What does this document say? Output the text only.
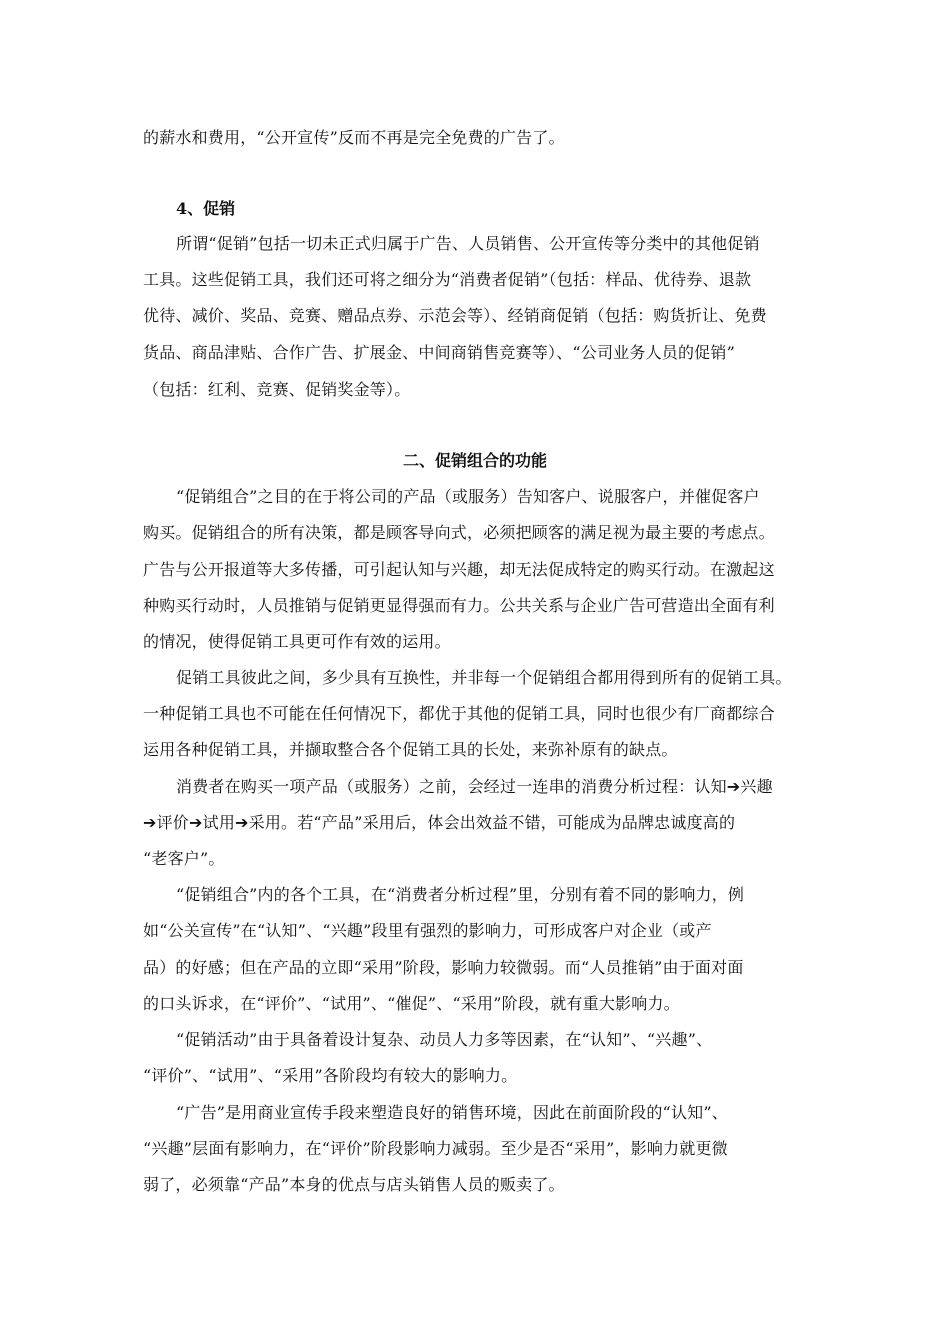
的薪水和费用，“公开宣传”反而不再是完全免费的广告了。
4、促销
所谓“促销”包括一切未正式归属于广告、人员销售、公开宣传等分类中的其他促销
工具。这些促销工具，我们还可将之细分为“消费者促销”（包括：样品、优待券、退款
优待、减价、奖品、竞赛、赠品点券、示范会等）、经销商促销（包括：购货折让、免费
货品、商品津贴、合作广告、扩展金、中间商销售竞赛等）、“公司业务人员的促销”
（包括：红利、竞赛、促销奖金等）。
二、促销组合的功能
“促销组合”之目的在于将公司的产品（或服务）告知客户、说服客户，并催促客户
购买。促销组合的所有决策，都是顾客导向式，必须把顾客的满足视为最主要的考虑点。
广告与公开报道等大多传播，可引起认知与兴趣，却无法促成特定的购买行动。在激起这
种购买行动时，人员推销与促销更显得强而有力。公共关系与企业广告可营造出全面有利
的情况，使得促销工具更可作有效的运用。
促销工具彼此之间，多少具有互换性，并非每一个促销组合都用得到所有的促销工具。
一种促销工具也不可能在任何情况下，都优于其他的促销工具，同时也很少有厂商都综合
运用各种促销工具，并撷取整合各个促销工具的长处，来弥补原有的缺点。
消费者在购买一项产品（或服务）之前，会经过一连串的消费分析过程：认知➔兴趣
➔评价➔试用➔采用。若“产品”采用后，体会出效益不错，可能成为品牌忠诚度高的
“老客户”。
“促销组合”内的各个工具，在“消费者分析过程”里，分别有着不同的影响力，例
如“公关宣传”在“认知”、“兴趣”段里有强烈的影响力，可形成客户对企业（或产
品）的好感；但在产品的立即“采用”阶段，影响力较微弱。而“人员推销”由于面对面
的口头诉求，在“评价”、“试用”、“催促”、“采用”阶段，就有重大影响力。
“促销活动”由于具备着设计复杂、动员人力多等因素，在“认知”、“兴趣”、
“评价”、“试用”、“采用”各阶段均有较大的影响力。
“广告”是用商业宣传手段来塑造良好的销售环境，因此在前面阶段的“认知”、
“兴趣”层面有影响力，在“评价”阶段影响力减弱。至少是否“采用”，影响力就更微
弱了，必须靠“产品”本身的优点与店头销售人员的贩卖了。
